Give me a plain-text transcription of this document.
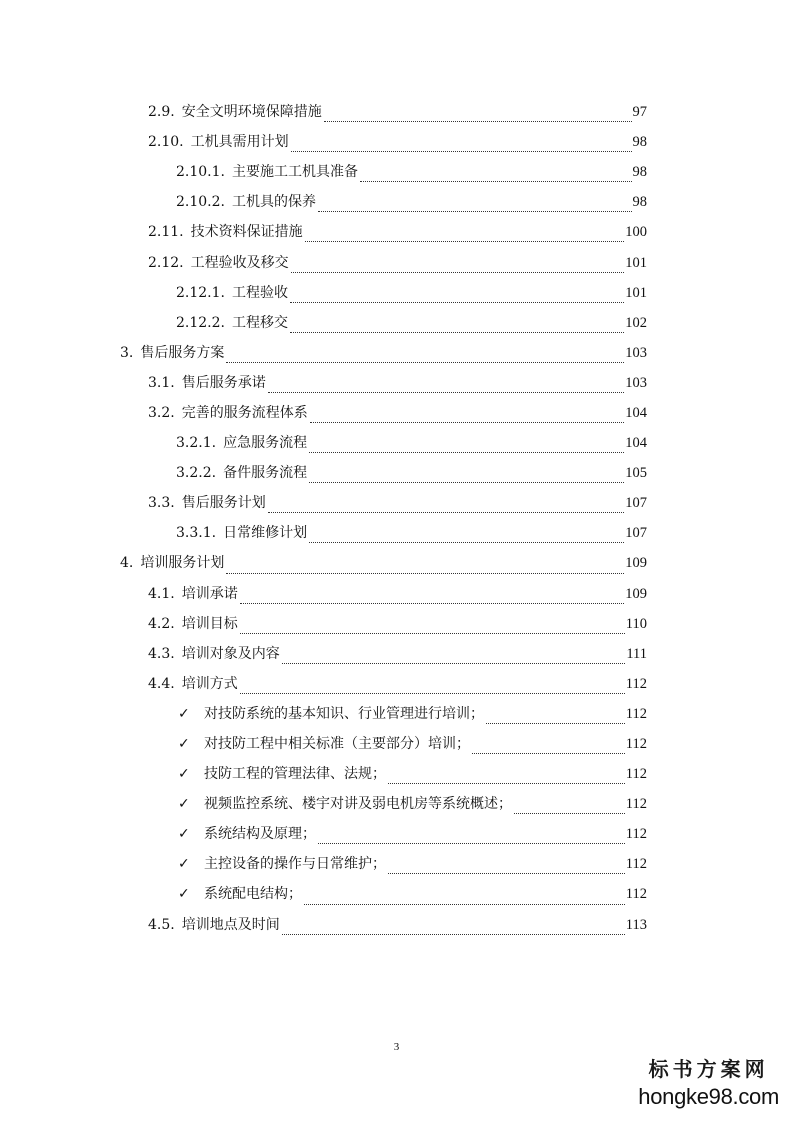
2.9. 安全文明环境保障措施	97
2.10. 工机具需用计划	98
2.10.1. 主要施工工机具准备	98
2.10.2. 工机具的保养	98
2.11. 技术资料保证措施	100
2.12. 工程验收及移交	101
2.12.1. 工程验收	101
2.12.2. 工程移交	102
3. 售后服务方案	103
3.1. 售后服务承诺	103
3.2. 完善的服务流程体系	104
3.2.1. 应急服务流程	104
3.2.2. 备件服务流程	105
3.3. 售后服务计划	107
3.3.1. 日常维修计划	107
4. 培训服务计划	109
4.1. 培训承诺	109
4.2. 培训目标	110
4.3. 培训对象及内容	111
4.4. 培训方式	112
✓ 对技防系统的基本知识、行业管理进行培训；	112
✓ 对技防工程中相关标准（主要部分）培训；	112
✓ 技防工程的管理法律、法规；	112
✓ 视频监控系统、楼宇对讲及弱电机房等系统概述；	112
✓ 系统结构及原理；	112
✓ 主控设备的操作与日常维护；	112
✓ 系统配电结构；	112
4.5. 培训地点及时间	113
3
标书方案网
hongke98.com
